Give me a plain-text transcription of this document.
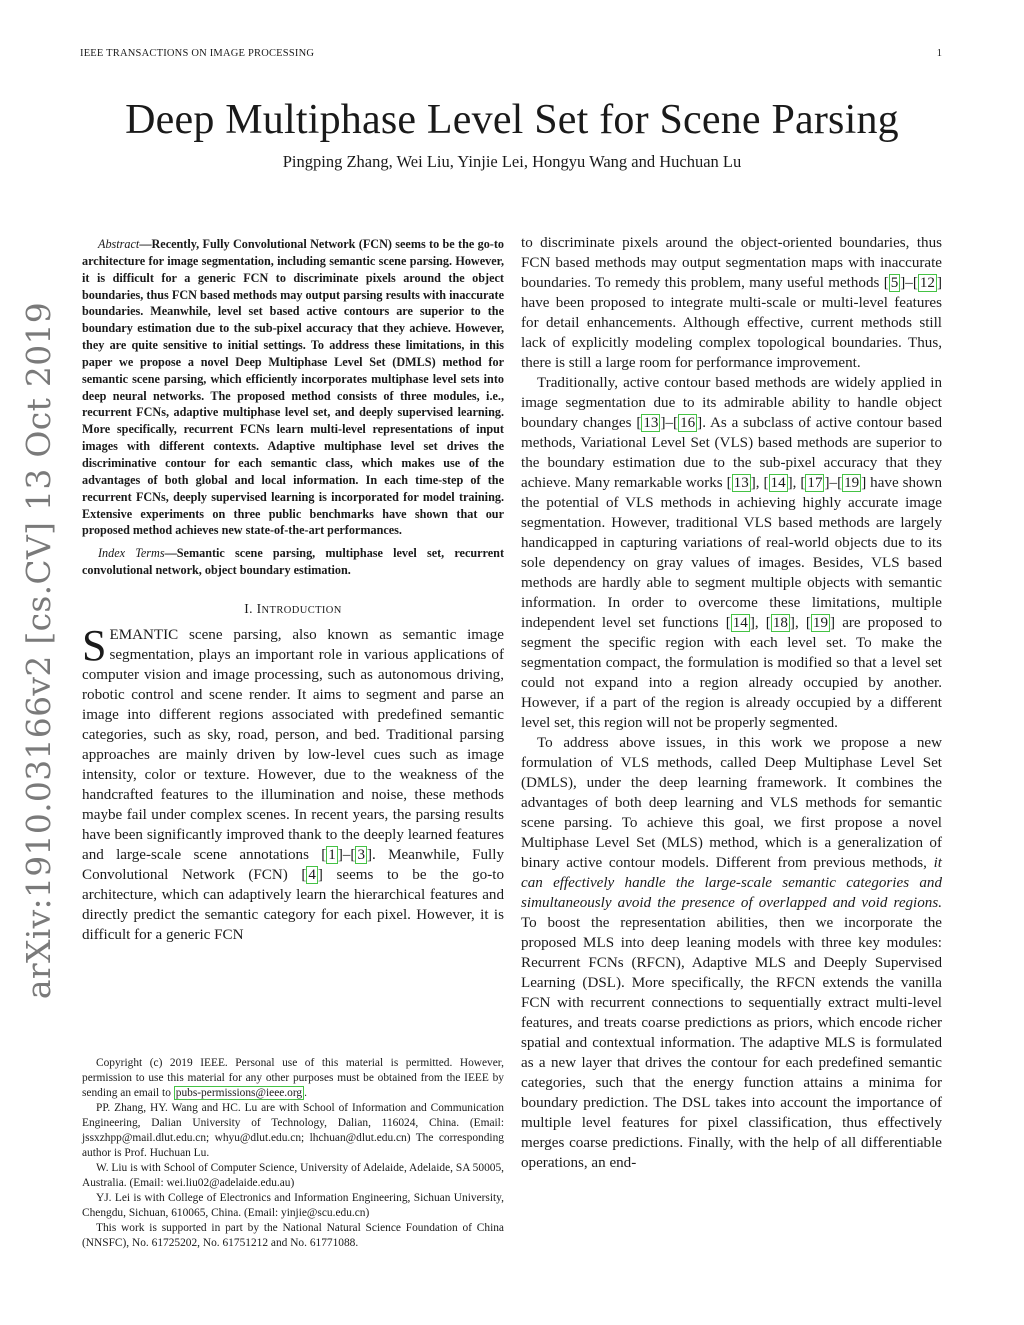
IEEE TRANSACTIONS ON IMAGE PROCESSING	1
Deep Multiphase Level Set for Scene Parsing
Pingping Zhang, Wei Liu, Yinjie Lei, Hongyu Wang and Huchuan Lu
arXiv:1910.03166v2 [cs.CV] 13 Oct 2019

Abstract—Recently, Fully Convolutional Network (FCN) seems to be the go-to architecture for image segmentation, including semantic scene parsing. However, it is difficult for a generic FCN to discriminate pixels around the object boundaries, thus FCN based methods may output parsing results with inaccurate boundaries. Meanwhile, level set based active contours are superior to the boundary estimation due to the sub-pixel accuracy that they achieve. However, they are quite sensitive to initial settings. To address these limitations, in this paper we propose a novel Deep Multiphase Level Set (DMLS) method for semantic scene parsing, which efficiently incorporates multiphase level sets into deep neural networks. The proposed method consists of three modules, i.e., recurrent FCNs, adaptive multiphase level set, and deeply supervised learning. More specifically, recurrent FCNs learn multi-level representations of input images with different contexts. Adaptive multiphase level set drives the discriminative contour for each semantic class, which makes use of the advantages of both global and local information. In each time-step of the recurrent FCNs, deeply supervised learning is incorporated for model training. Extensive experiments on three public benchmarks have shown that our proposed method achieves new state-of-the-art performances.

Index Terms—Semantic scene parsing, multiphase level set, recurrent convolutional network, object boundary estimation.

I. INTRODUCTION

SEMANTIC scene parsing, also known as semantic image segmentation, plays an important role in various applications of computer vision and image processing, such as autonomous driving, robotic control and scene render. It aims to segment and parse an image into different regions associated with predefined semantic categories, such as sky, road, person, and bed. Traditional parsing approaches are mainly driven by low-level cues such as image intensity, color or texture. However, due to the weakness of the handcrafted features to the illumination and noise, these methods maybe fail under complex scenes. In recent years, the parsing results have been significantly improved thank to the deeply learned features and large-scale scene annotations [ 1 ]–[ 3 ]. Meanwhile, Fully Convolutional Network (FCN) [ 4 ] seems to be the go-to architecture, which can adaptively learn the hierarchical features and directly predict the semantic category for each pixel. However, it is difficult for a generic FCN

Copyright (c) 2019 IEEE. Personal use of this material is permitted. However, permission to use this material for any other purposes must be obtained from the IEEE by sending an email to pubs-permissions@ieee.org .

PP. Zhang, HY. Wang and HC. Lu are with School of Information and Communication Engineering, Dalian University of Technology, Dalian, 116024, China. (Email: jssxzhpp@mail.dlut.edu.cn; whyu@dlut.edu.cn; lhchuan@dlut.edu.cn) The corresponding author is Prof. Huchuan Lu.

W. Liu is with School of Computer Science, University of Adelaide, Adelaide, SA 50005, Australia. (Email: wei.liu02@adelaide.edu.au)

YJ. Lei is with College of Electronics and Information Engineering, Sichuan University, Chengdu, Sichuan, 610065, China. (Email: yinjie@scu.edu.cn)

This work is supported in part by the National Natural Science Foundation of China (NNSFC), No. 61725202, No. 61751212 and No. 61771088.

to discriminate pixels around the object-oriented boundaries, thus FCN based methods may output segmentation maps with inaccurate boundaries. To remedy this problem, many useful methods [ 5 ]–[ 12 ] have been proposed to integrate multi-scale or multi-level features for detail enhancements. Although effective, current methods still lack of explicitly modeling complex topological boundaries. Thus, there is still a large room for performance improvement.

Traditionally, active contour based methods are widely applied in image segmentation due to its admirable ability to handle object boundary changes [ 13 ]–[ 16 ]. As a subclass of active contour based methods, Variational Level Set (VLS) based methods are superior to the boundary estimation due to the sub-pixel accuracy that they achieve. Many remarkable works [ 13 ], [ 14 ], [ 17 ]–[ 19 ] have shown the potential of VLS methods in achieving highly accurate image segmentation. However, traditional VLS based methods are largely handicapped in capturing variations of real-world objects due to its sole dependency on gray values of images. Besides, VLS based methods are hardly able to segment multiple objects with semantic information. In order to overcome these limitations, multiple independent level set functions [ 14 ], [ 18 ], [ 19 ] are proposed to segment the specific region with each level set. To make the segmentation compact, the formulation is modified so that a level set could not expand into a region already occupied by another. However, if a part of the region is already occupied by a different level set, this region will not be properly segmented.

To address above issues, in this work we propose a new formulation of VLS methods, called Deep Multiphase Level Set (DMLS), under the deep learning framework. It combines the advantages of both deep learning and VLS methods for semantic scene parsing. To achieve this goal, we first propose a novel Multiphase Level Set (MLS) method, which is a generalization of binary active contour models. Different from previous methods, it can effectively handle the large-scale semantic categories and simultaneously avoid the presence of overlapped and void regions. To boost the representation abilities, then we incorporate the proposed MLS into deep leaning models with three key modules: Recurrent FCNs (RFCN), Adaptive MLS and Deeply Supervised Learning (DSL). More specifically, the RFCN extends the vanilla FCN with recurrent connections to sequentially extract multi-level features, and treats coarse predictions as priors, which encode richer spatial and contextual information. The adaptive MLS is formulated as a new layer that drives the contour for each predefined semantic categories, such that the energy function attains a minima for boundary prediction. The DSL takes into account the importance of multiple level features for pixel classification, thus effectively merges coarse predictions. Finally, with the help of all differentiable operations, an end-
